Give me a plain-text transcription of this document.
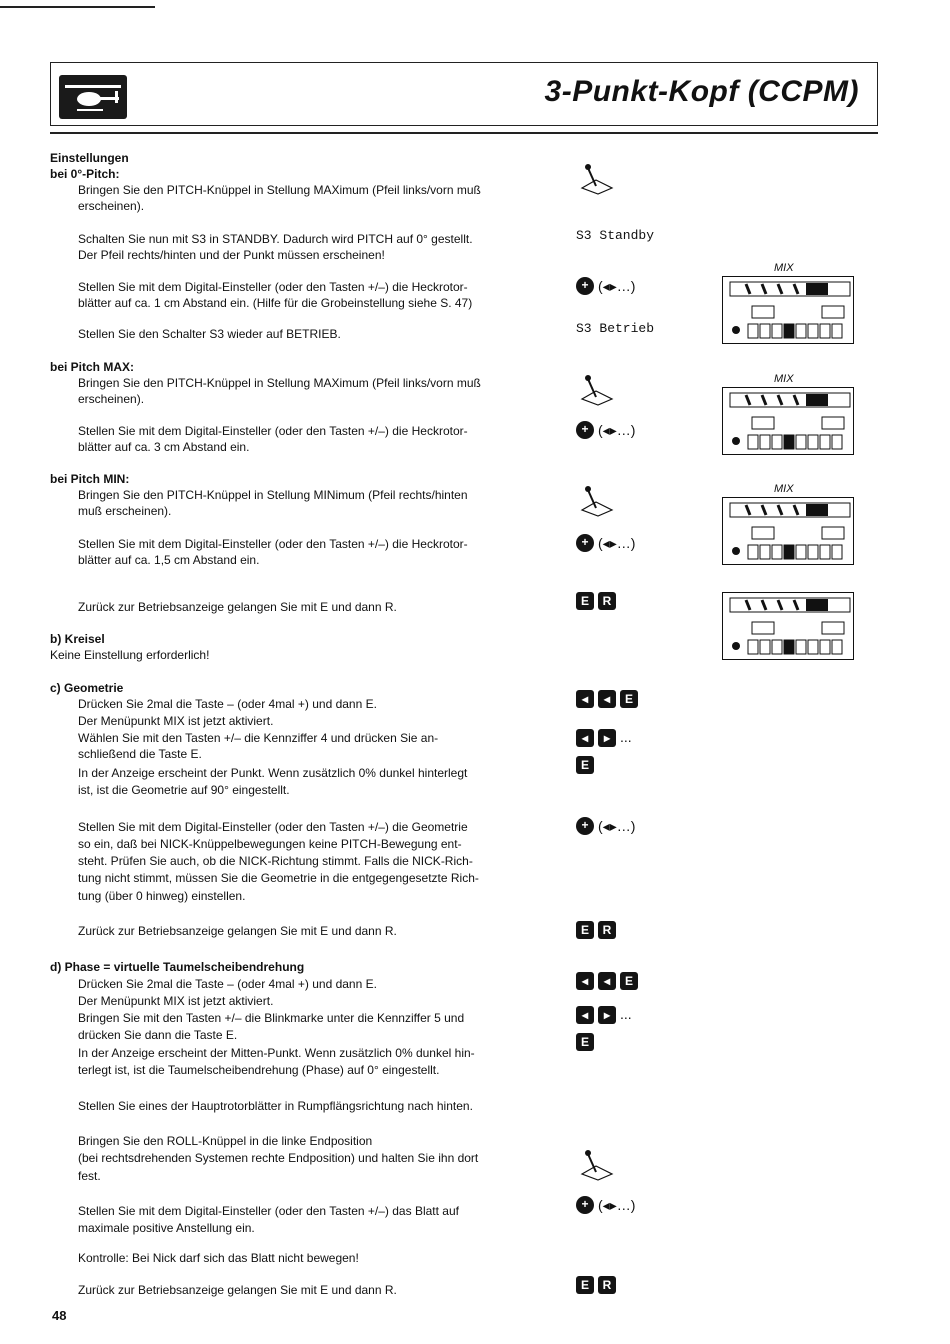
3-Punkt-Kopf (CCPM)
Einstellungen
bei 0°-Pitch:
Bringen Sie den PITCH-Knüppel in Stellung MAXimum (Pfeil links/vorn muß
erscheinen).
Schalten Sie nun mit S3 in STANDBY. Dadurch wird PITCH auf 0° gestellt.
Der Pfeil rechts/hinten und der Punkt müssen erscheinen!
Stellen Sie mit dem Digital-Einsteller (oder den Tasten +/–) die Heckrotor-
blätter auf ca. 1 cm Abstand ein. (Hilfe für die Grobeinstellung siehe S. 47)
Stellen Sie den Schalter S3 wieder auf BETRIEB.
bei Pitch MAX:
Bringen Sie den PITCH-Knüppel in Stellung MAXimum (Pfeil links/vorn muß
erscheinen).
Stellen Sie mit dem Digital-Einsteller (oder den Tasten +/–) die Heckrotor-
blätter auf ca. 3 cm Abstand ein.
bei Pitch MIN:
Bringen Sie den PITCH-Knüppel in Stellung MINimum (Pfeil rechts/hinten
muß erscheinen).
Stellen Sie mit dem Digital-Einsteller (oder den Tasten +/–) die Heckrotor-
blätter auf ca. 1,5 cm Abstand ein.
Zurück zur Betriebsanzeige gelangen Sie mit E und dann R.
b) Kreisel
Keine Einstellung erforderlich!
c) Geometrie
Drücken Sie 2mal die Taste – (oder 4mal +) und dann E.
Der Menüpunkt MIX ist jetzt aktiviert.
Wählen Sie mit den Tasten +/– die Kennziffer 4 und drücken Sie an-
schließend die Taste E.
In der Anzeige erscheint der Punkt. Wenn zusätzlich 0% dunkel hinterlegt
ist, ist die Geometrie auf 90° eingestellt.
Stellen Sie mit dem Digital-Einsteller (oder den Tasten +/–) die Geometrie
so ein, daß bei NICK-Knüppelbewegungen keine PITCH-Bewegung ent-
steht. Prüfen Sie auch, ob die NICK-Richtung stimmt. Falls die NICK-Rich-
tung nicht stimmt, müssen Sie die Geometrie in die entgegengesetzte Rich-
tung (über 0 hinweg) einstellen.
Zurück zur Betriebsanzeige gelangen Sie mit E und dann R.
d) Phase = virtuelle Taumelscheibendrehung
Drücken Sie 2mal die Taste – (oder 4mal +) und dann E.
Der Menüpunkt MIX ist jetzt aktiviert.
Bringen Sie mit den Tasten +/– die Blinkmarke unter die Kennziffer 5 und
drücken Sie dann die Taste E.
In der Anzeige erscheint der Mitten-Punkt. Wenn zusätzlich 0% dunkel hin-
terlegt ist, ist die Taumelscheibendrehung (Phase) auf 0° eingestellt.
Stellen Sie eines der Hauptrotorblätter in Rumpflängsrichtung nach hinten.
Bringen Sie den ROLL-Knüppel in die linke Endposition
(bei rechtsdrehenden Systemen rechte Endposition) und halten Sie ihn dort
fest.
Stellen Sie mit dem Digital-Einsteller (oder den Tasten +/–) das Blatt auf
maximale positive Anstellung ein.
Kontrolle: Bei Nick darf sich das Blatt nicht bewegen!
Zurück zur Betriebsanzeige gelangen Sie mit E und dann R.
S3 Standby
S3 Betrieb
+ (◂▸…)
+ (◂▸…)
+ (◂▸…)
+ (◂▸…)
+ (◂▸…)
E R
◂ ◂ E
◂ ▸ ...
E
E R
◂ ◂ E
◂ ▸ ...
E
E R
MIX
MIX
MIX
48
